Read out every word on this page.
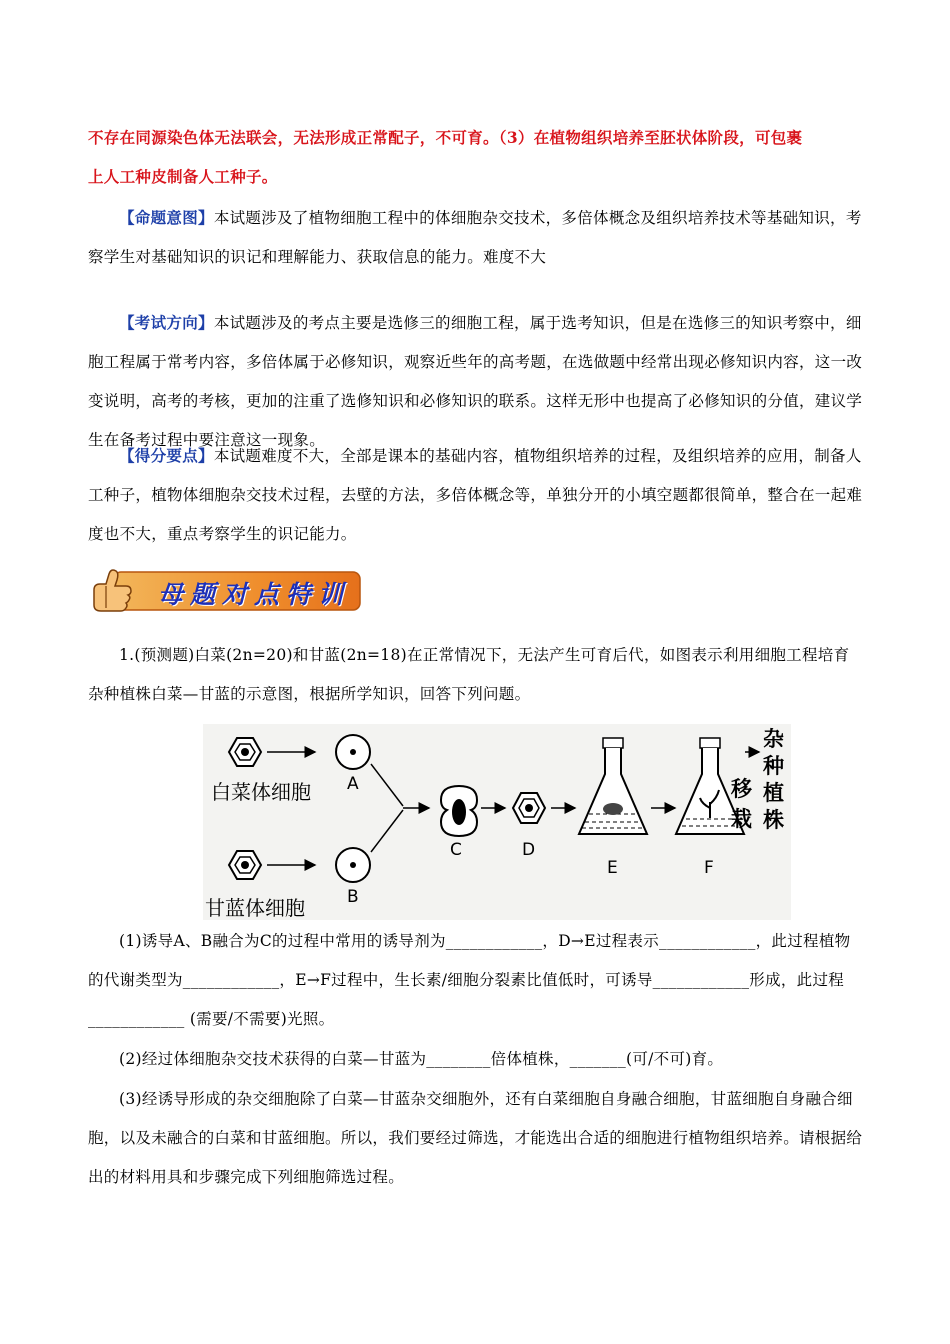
不存在同源染色体无法联会，无法形成正常配子，不可育。（3）在植物组织培养至胚状体阶段，可包裹
上人工种皮制备人工种子。

【命题意图】本试题涉及了植物细胞工程中的体细胞杂交技术，多倍体概念及组织培养技术等基础知识，考察学生对基础知识的识记和理解能力、获取信息的能力。难度不大

【考试方向】本试题涉及的考点主要是选修三的细胞工程，属于选考知识，但是在选修三的知识考察中，细胞工程属于常考内容，多倍体属于必修知识，观察近些年的高考题，在选做题中经常出现必修知识内容，这一改变说明，高考的考核，更加的注重了选修知识和必修知识的联系。这样无形中也提高了必修知识的分值，建议学生在备考过程中要注意这一现象。

【得分要点】本试题难度不大，全部是课本的基础内容，植物组织培养的过程，及组织培养的应用，制备人工种子，植物体细胞杂交技术过程，去壁的方法，多倍体概念等，单独分开的小填空题都很简单，整合在一起难度也不大，重点考察学生的识记能力。

母题对点特训

1.(预测题)白菜(2n=20)和甘蓝(2n=18)在正常情况下，无法产生可育后代，如图表示利用细胞工程培育杂种植株白菜—甘蓝的示意图，根据所学知识，回答下列问题。

白菜体细胞
甘蓝体细胞
A
B
C	D
E	F
移栽
杂种植株

(1)诱导A、B融合为C的过程中常用的诱导剂为____________，D→E过程表示____________，此过程植物的代谢类型为____________，E→F过程中，生长素/细胞分裂素比值低时，可诱导____________形成，此过程____________ (需要/不需要)光照。

(2)经过体细胞杂交技术获得的白菜—甘蓝为________倍体植株，_______(可/不可)育。

(3)经诱导形成的杂交细胞除了白菜—甘蓝杂交细胞外，还有白菜细胞自身融合细胞，甘蓝细胞自身融合细胞，以及未融合的白菜和甘蓝细胞。所以，我们要经过筛选，才能选出合适的细胞进行植物组织培养。请根据给出的材料用具和步骤完成下列细胞筛选过程。
